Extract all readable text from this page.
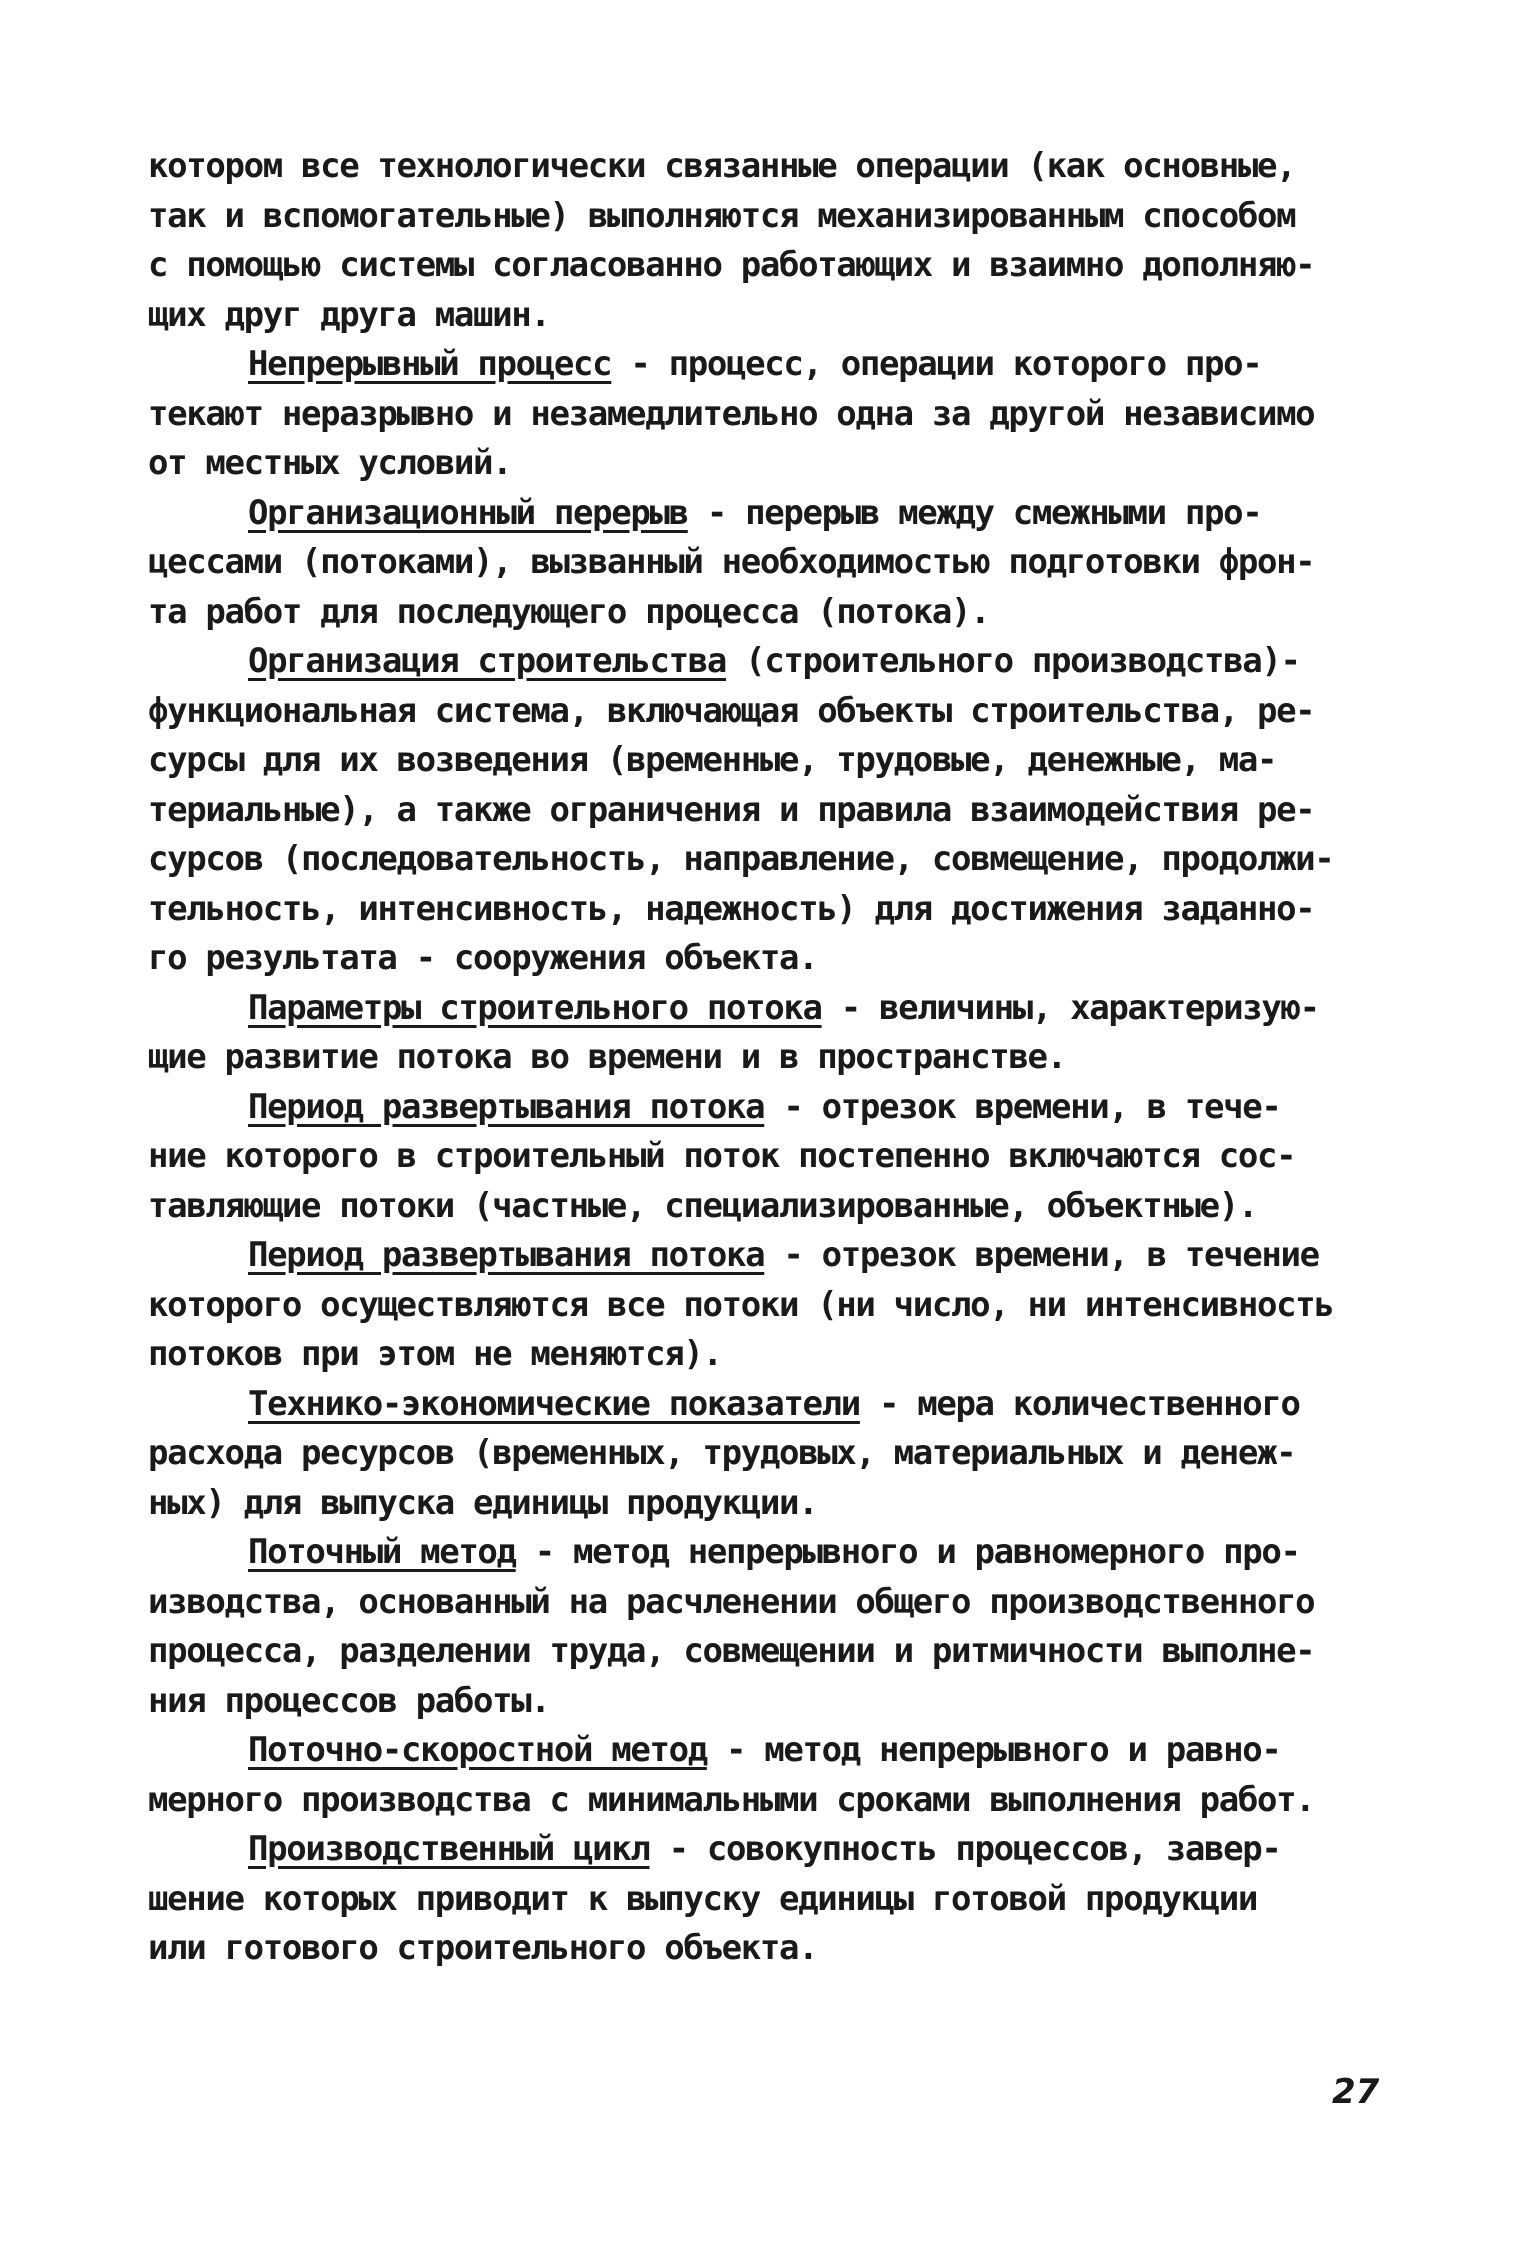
котором все технологически связанные операции (как основные,
так и вспомогательные) выполняются механизированным способом
с помощью системы согласованно работающих и взаимно дополняю-
щих друг друга машин.
Непрерывный процесс - процесс, операции которого про-
текают неразрывно и незамедлительно одна за другой независимо
от местных условий.
Организационный перерыв - перерыв между смежными про-
цессами (потоками), вызванный необходимостью подготовки фрон-
та работ для последующего процесса (потока).
Организация строительства (строительного производства)-
функциональная система, включающая объекты строительства, ре-
сурсы для их возведения (временные, трудовые, денежные, ма-
териальные), а также ограничения и правила взаимодействия ре-
сурсов (последовательность, направление, совмещение, продолжи-
тельность, интенсивность, надежность) для достижения заданно-
го результата - сооружения объекта.
Параметры строительного потока - величины, характеризую-
щие развитие потока во времени и в пространстве.
Период развертывания потока - отрезок времени, в тече-
ние которого в строительный поток постепенно включаются сос-
тавляющие потоки (частные, специализированные, объектные).
Период развертывания потока - отрезок времени, в течение
которого осуществляются все потоки (ни число, ни интенсивность
потоков при этом не меняются).
Технико-экономические показатели - мера количественного
расхода ресурсов (временных, трудовых, материальных и денеж-
ных) для выпуска единицы продукции.
Поточный метод - метод непрерывного и равномерного про-
изводства, основанный на расчленении общего производственного
процесса, разделении труда, совмещении и ритмичности выполне-
ния процессов работы.
Поточно-скоростной метод - метод непрерывного и равно-
мерного производства с минимальными сроками выполнения работ.
Производственный цикл - совокупность процессов, завер-
шение которых приводит к выпуску единицы готовой продукции
или готового строительного объекта.
27
